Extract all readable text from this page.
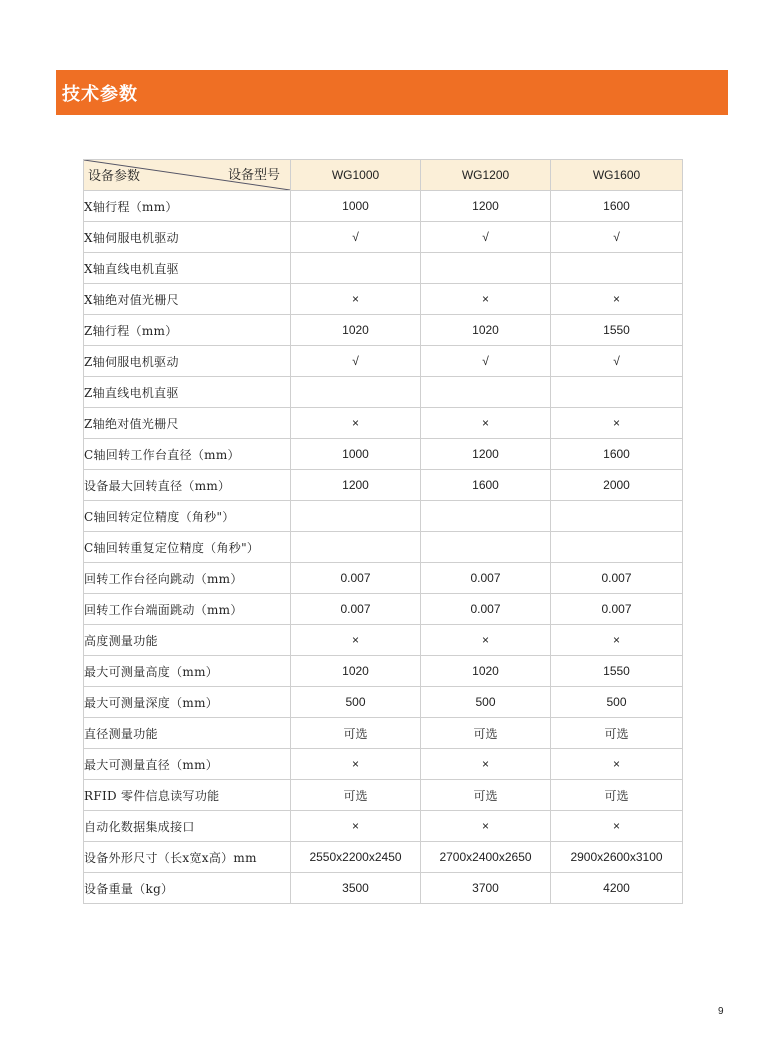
技术参数
设备型号
设备参数	WG1000	WG1200	WG1600
X轴行程（mm）	1000	1200	1600
X轴伺服电机驱动	√	√	√
X轴直线电机直驱			
X轴绝对值光栅尺	×	×	×
Z轴行程（mm）	1020	1020	1550
Z轴伺服电机驱动	√	√	√
Z轴直线电机直驱			
Z轴绝对值光栅尺	×	×	×
C轴回转工作台直径（mm）	1000	1200	1600
设备最大回转直径（mm）	1200	1600	2000
C轴回转定位精度（角秒"）			
C轴回转重复定位精度（角秒"）			
回转工作台径向跳动（mm）	0.007	0.007	0.007
回转工作台端面跳动（mm）	0.007	0.007	0.007
高度测量功能	×	×	×
最大可测量高度（mm）	1020	1020	1550
最大可测量深度（mm）	500	500	500
直径测量功能	可选	可选	可选
最大可测量直径（mm）	×	×	×
RFID 零件信息读写功能	可选	可选	可选
自动化数据集成接口	×	×	×
设备外形尺寸（长x宽x高）mm	2550x2200x2450	2700x2400x2650	2900x2600x3100
设备重量（kg）	3500	3700	4200
9
